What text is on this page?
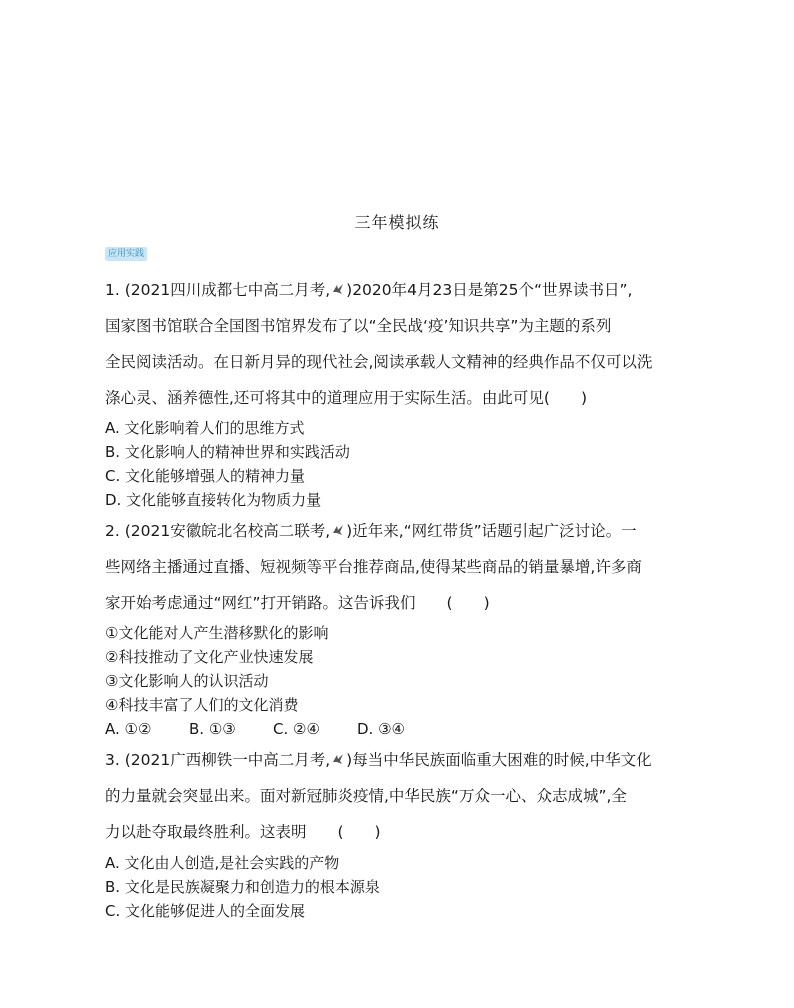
三年模拟练
应用实践
1. (2021四川成都七中高二月考, )2020年4月23日是第25个“世界读书日”,
国家图书馆联合全国图书馆界发布了以“全民战‘疫’知识共享”为主题的系列
全民阅读活动。在日新月异的现代社会,阅读承载人文精神的经典作品不仅可以洗
涤心灵、涵养德性,还可将其中的道理应用于实际生活。由此可见(　　)
A. 文化影响着人们的思维方式
B. 文化影响人的精神世界和实践活动
C. 文化能够增强人的精神力量
D. 文化能够直接转化为物质力量
2. (2021安徽皖北名校高二联考, )近年来,“网红带货”话题引起广泛讨论。一
些网络主播通过直播、短视频等平台推荐商品,使得某些商品的销量暴增,许多商
家开始考虑通过“网红”打开销路。这告诉我们　　(　　)
①文化能对人产生潜移默化的影响
②科技推动了文化产业快速发展
③文化影响人的认识活动
④科技丰富了人们的文化消费
A. ①②	B. ①③ C. ②④ D. ③④
3. (2021广西柳铁一中高二月考, )每当中华民族面临重大困难的时候,中华文化
的力量就会突显出来。面对新冠肺炎疫情,中华民族“万众一心、众志成城”,全
力以赴夺取最终胜利。这表明　　(　　)
A. 文化由人创造,是社会实践的产物
B. 文化是民族凝聚力和创造力的根本源泉
C. 文化能够促进人的全面发展
